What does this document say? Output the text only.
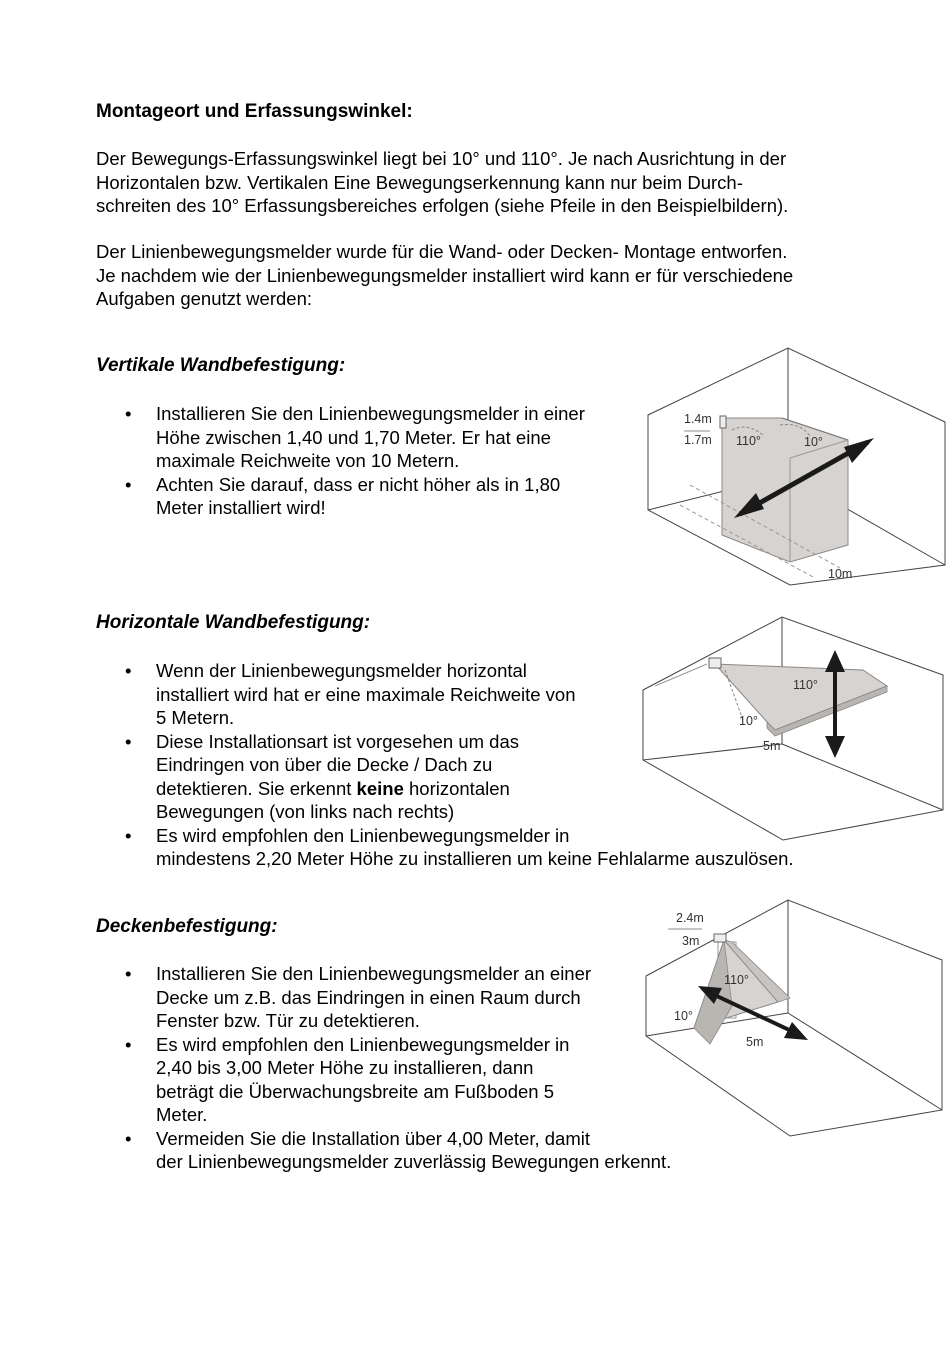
Montageort und Erfassungswinkel:
Der Bewegungs-Erfassungswinkel liegt bei 10° und 110°. Je nach Ausrichtung in der
Horizontalen bzw. Vertikalen Eine Bewegungserkennung kann nur beim Durch-
schreiten des 10° Erfassungsbereiches erfolgen (siehe Pfeile in den Beispielbildern).
Der Linienbewegungsmelder wurde für die Wand- oder Decken- Montage entworfen.
Je nachdem wie der Linienbewegungsmelder installiert wird kann er für verschiedene
Aufgaben genutzt werden:
Vertikale Wandbefestigung:
• Installieren Sie den Linienbewegungsmelder in einer
Höhe zwischen 1,40 und 1,70 Meter. Er hat eine
maximale Reichweite von 10 Metern.
• Achten Sie darauf, dass er nicht höher als in 1,80
Meter installiert wird!
1.4m
1.7m 110°	10°
10m
Horizontale Wandbefestigung:
• Wenn der Linienbewegungsmelder horizontal
installiert wird hat er eine maximale Reichweite von
5 Metern.
• Diese Installationsart ist vorgesehen um das
Eindringen von über die Decke / Dach zu
detektieren. Sie erkennt keine horizontalen
Bewegungen (von links nach rechts)
• Es wird empfohlen den Linienbewegungsmelder in
mindestens 2,20 Meter Höhe zu installieren um keine Fehlalarme auszulösen.
110°
10°
5m
Deckenbefestigung:
• Installieren Sie den Linienbewegungsmelder an einer
Decke um z.B. das Eindringen in einen Raum durch
Fenster bzw. Tür zu detektieren.
• Es wird empfohlen den Linienbewegungsmelder in
2,40 bis 3,00 Meter Höhe zu installieren, dann
beträgt die Überwachungsbreite am Fußboden 5
Meter.
• Vermeiden Sie die Installation über 4,00 Meter, damit
der Linienbewegungsmelder zuverlässig Bewegungen erkennt.
2.4m
3m
110°
10°
5m
